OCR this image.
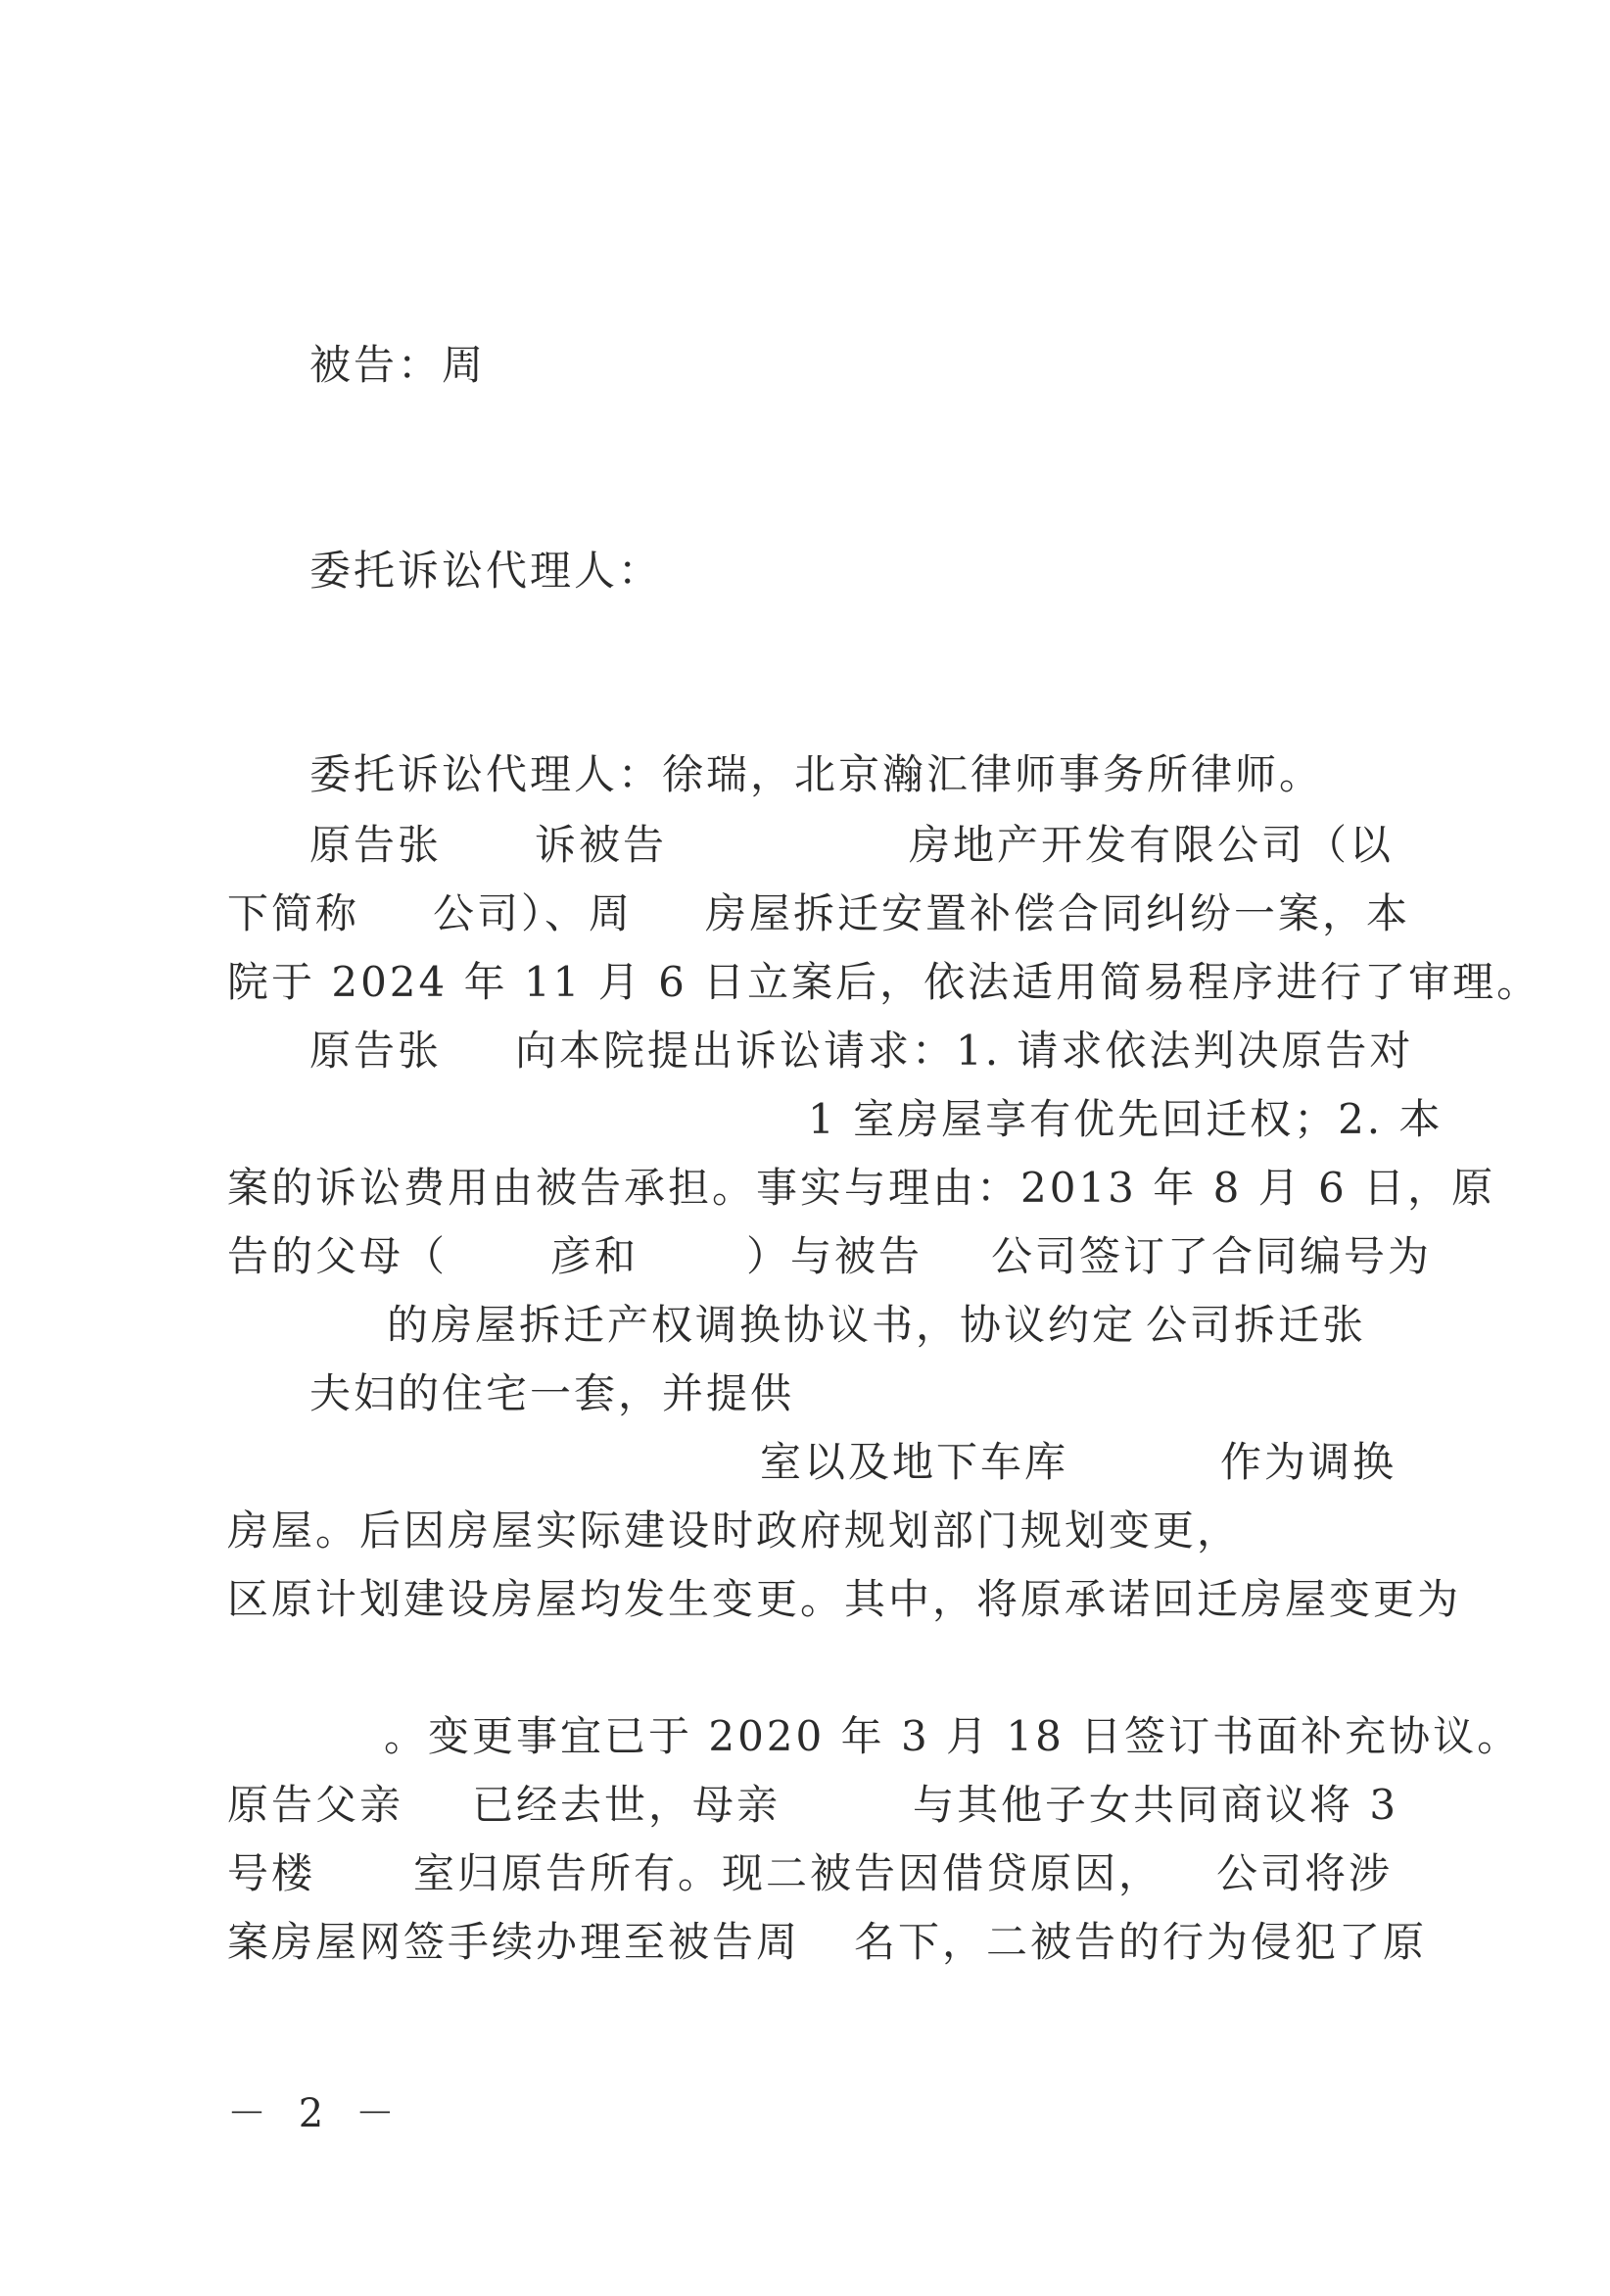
被告：周

委托诉讼代理人：

委托诉讼代理人：徐瑞，北京瀚汇律师事务所律师。

原告张

诉被告

	房地产开发有限公司（以

下简称

公司）、周

房屋拆迁安置补偿合同纠纷一案，本

院于 2024 年 11 月 6 日立案后，依法适用简易程序进行了审理。

原告张

向本院提出诉讼请求：1. 请求依法判决原告对

1 室房屋享有优先回迁权；2. 本

案的诉讼费用由被告承担。事实与理由：2013 年 8 月 6 日，原

告的父母（

彦和

	）与被告

公司签订了合同编号为

的房屋拆迁产权调换协议书，协议约定

公司拆迁张

夫妇的住宅一套，并提供

室以及地下车库

	作为调换

房屋。后因房屋实际建设时政府规划部门规划变更，

区原计划建设房屋均发生变更。其中，将原承诺回迁房屋变更为

。变更事宜已于 2020 年 3 月 18 日签订书面补充协议。

原告父亲

已经去世，母亲

	与其他子女共同商议将 3

号楼

室归原告所有。现二被告因借贷原因，

公司将涉

案房屋网签手续办理至被告周

名下，二被告的行为侵犯了原

－ 2 －
